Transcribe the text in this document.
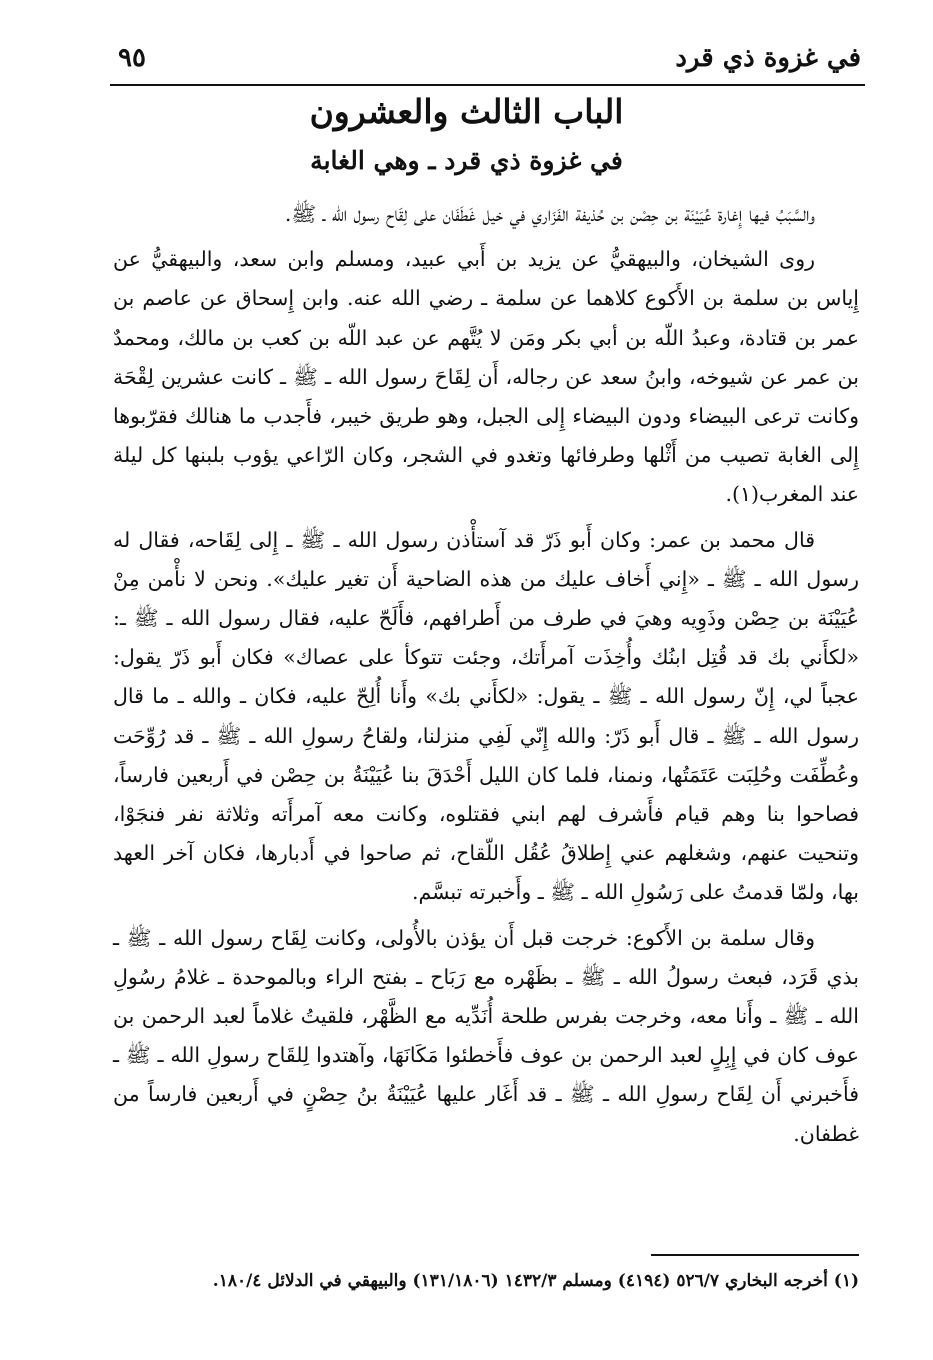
في غزوة ذي قرد
٩٥
الباب الثالث والعشرون
في غزوة ذي قرد ـ وهي الغابة

والسَّبَبُ فيها إِغارة عُيَيْنَة بن حِصْن بن حُذيفة الفَزَاري في خيل غَطَفَان على لِقَاح رسول الله ـ ﷺ.

روى الشيخان، والبيهقيُّ عن يزيد بن أَبي عبيد، ومسلم وابن سعد، والبيهقيُّ عن إِياس بن سلمة بن الأَكوع كلاهما عن سلمة ـ رضي الله عنه. وابن إِسحاق عن عاصم بن عمر بن قتادة، وعبدُ اللّه بن أبي بكر ومَن لا يُتَّهم عن عبد اللّه بن كعب بن مالك، ومحمدٌ بن عمر عن شيوخه، وابنُ سعد عن رجاله، أَن لِقَاحَ رسول الله ـ ﷺ ـ كانت عشرين لِقْحَة وكانت ترعى البيضاء ودون البيضاء إِلى الجبل، وهو طريق خيبر، فأَجدب ما هنالك فقرّبوها إِلى الغابة تصيب من أَثْلها وطرفائها وتغدو في الشجر، وكان الرّاعي يؤوب بلبنها كل ليلة عند المغرب(١).

قال محمد بن عمر: وكان أَبو ذَرّ قد آستأْذن رسول الله ـ ﷺ ـ إِلى لِقَاحه، فقال له رسول الله ـ ﷺ ـ «إِني أَخاف عليك من هذه الضاحية أَن تغير عليك». ونحن لا نأْمن مِنْ عُيَيْنَة بن حِصْن وذَوِيه وهيَ في طرف من أَطرافهم، فأَلَحّ عليه، فقال رسول الله ـ ﷺ ـ: «لكأَني بك قد قُتِل ابنُك وأُخِذَت آمرأَتك، وجئت تتوكأ على عصاك» فكان أَبو ذَرّ يقول: عجباً لي، إِنّ رسول الله ـ ﷺ ـ يقول: «لكأَني بك» وأَنا أُلِحّ عليه، فكان ـ والله ـ ما قال رسول الله ـ ﷺ ـ قال أَبو ذَرّ: والله إِنّي لَفِي منزلنا، ولقاحُ رسولِ الله ـ ﷺ ـ قد رُوِّحَت وعُطِّفَت وحُلِبَت عَتَمَتُها، ونمنا، فلما كان الليل أَحْدَقَ بنا عُيَيْنَةُ بن حِصْن في أَربعين فارساً، فصاحوا بنا وهم قيام فأَشرف لهم ابني فقتلوه، وكانت معه آمرأَته وثلاثة نفر فنجَوْا، وتنحيت عنهم، وشغلهم عني إِطلاقُ عُقُل اللّقاح، ثم صاحوا في أَدبارها، فكان آخر العهد بها، ولمّا قدمتُ على رَسُولِ الله ـ ﷺ ـ وأَخبرته تبسَّم.

وقال سلمة بن الأَكوع: خرجت قبل أَن يؤذن بالأُولى، وكانت لِقَاح رسول الله ـ ﷺ ـ بذي قَرَد، فبعث رسولُ الله ـ ﷺ ـ بظَهْره مع رَبَاح ـ بفتح الراء وبالموحدة ـ غلامُ رسُولِ الله ـ ﷺ ـ وأَنا معه، وخرجت بفرس طلحة أُنَدِّيه مع الظَّهْر، فلقيتُ غلاماً لعبد الرحمن بن عوف كان في إِبِلٍ لعبد الرحمن بن عوف فأَخطئوا مَكَانَهَا، وآهتدوا لِلقَاح رسولِ الله ـ ﷺ ـ فأَخبرني أَن لِقَاح رسولِ الله ـ ﷺ ـ قد أَغَار عليها عُيَيْنَةُ بنُ حِصْنٍ في أَربعين فارساً من غطفان.

(١) أخرجه البخاري ٥٢٦/٧ (٤١٩٤) ومسلم ١٤٣٢/٣ (١٣١/١٨٠٦) والبيهقي في الدلائل ١٨٠/٤.
